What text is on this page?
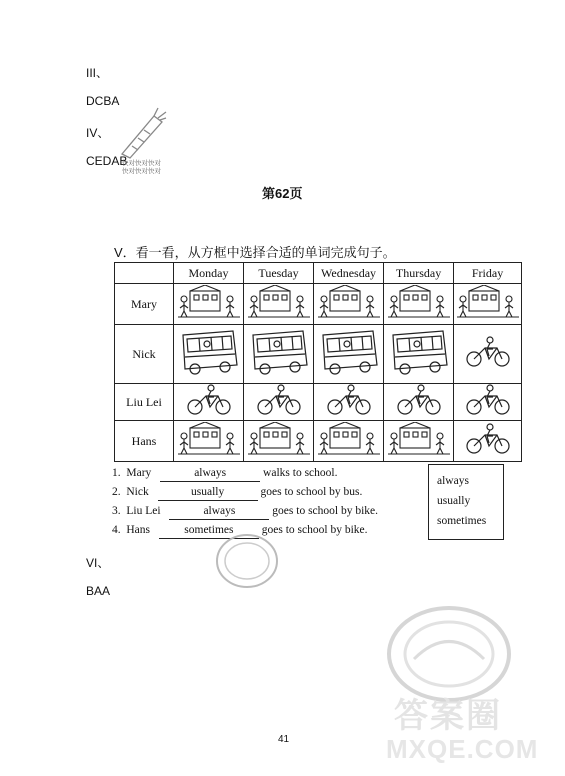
III、
DCBA
IV、
CEDAB
快对快对快对
快对快对快对
第62页
V．看一看，从方框中选择合适的单词完成句子。
	Monday	Tuesday	Wednesday	Thursday	Friday
Mary					
Nick					
Liu Lei					
Hans					
1. Mary	always	walks to school.
2. Nick	usually	goes to school by bus.
3. Liu Lei	always	goes to school by bike.
4. Hans	sometimes goes to school by bike.
always
usually
sometimes
VI、
BAA
41
答案圈
MXQE.COM
